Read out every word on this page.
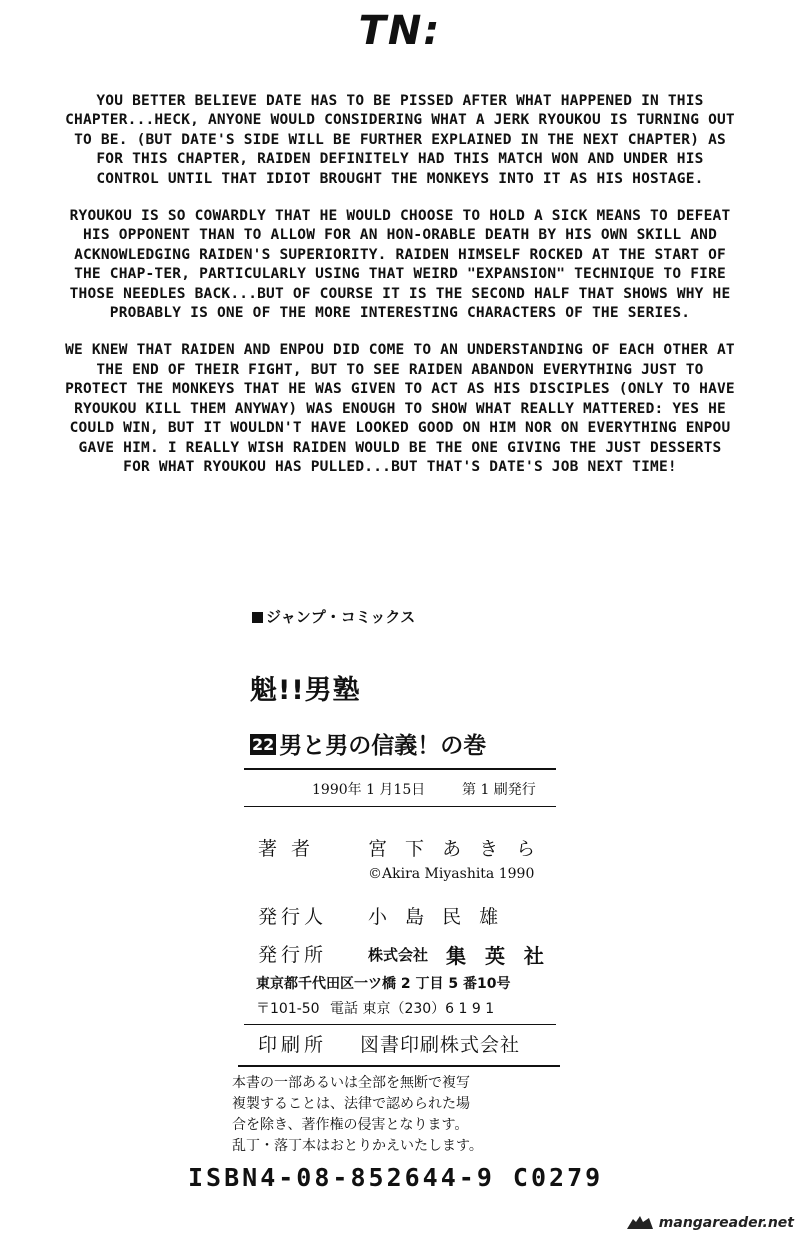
TN:

YOU BETTER BELIEVE DATE HAS TO BE PISSED AFTER WHAT HAPPENED IN THIS CHAPTER...HECK, ANYONE WOULD CONSIDERING WHAT A JERK RYOUKOU IS TURNING OUT TO BE. (BUT DATE'S SIDE WILL BE FURTHER EXPLAINED IN THE NEXT CHAPTER) AS FOR THIS CHAPTER, RAIDEN DEFINITELY HAD THIS MATCH WON AND UNDER HIS CONTROL UNTIL THAT IDIOT BROUGHT THE MONKEYS INTO IT AS HIS HOSTAGE.

RYOUKOU IS SO COWARDLY THAT HE WOULD CHOOSE TO HOLD A SICK MEANS TO DEFEAT HIS OPPONENT THAN TO ALLOW FOR AN HON-ORABLE DEATH BY HIS OWN SKILL AND ACKNOWLEDGING RAIDEN'S SUPERIORITY. RAIDEN HIMSELF ROCKED AT THE START OF THE CHAP-TER, PARTICULARLY USING THAT WEIRD "EXPANSION" TECHNIQUE TO FIRE THOSE NEEDLES BACK...BUT OF COURSE IT IS THE SECOND HALF THAT SHOWS WHY HE PROBABLY IS ONE OF THE MORE INTERESTING CHARACTERS OF THE SERIES.

WE KNEW THAT RAIDEN AND ENPOU DID COME TO AN UNDERSTANDING OF EACH OTHER AT THE END OF THEIR FIGHT, BUT TO SEE RAIDEN ABANDON EVERYTHING JUST TO PROTECT THE MONKEYS THAT HE WAS GIVEN TO ACT AS HIS DISCIPLES (ONLY TO HAVE RYOUKOU KILL THEM ANYWAY) WAS ENOUGH TO SHOW WHAT REALLY MATTERED: YES HE COULD WIN, BUT IT WOULDN'T HAVE LOOKED GOOD ON HIM NOR ON EVERYTHING ENPOU GAVE HIM. I REALLY WISH RAIDEN WOULD BE THE ONE GIVING THE JUST DESSERTS FOR WHAT RYOUKOU HAS PULLED...BUT THAT'S DATE'S JOB NEXT TIME!

ジャンプ・コミックス
魁!!男塾
22 男と男の信義！の巻
1990年 1 月15日	第 1 刷発行
著 者	宮 下 あ き ら
©Akira Miyashita 1990
発行人 小 島 民 雄
発行所	株式会社 集 英 社
東京都千代田区一ツ橋 2 丁目 5 番10号
〒101-50 電話 東京（230）6 1 9 1
印刷所 図書印刷株式会社
本書の一部あるいは全部を無断で複写
複製することは、法律で認められた場
合を除き、著作権の侵害となります。
乱丁・落丁本はおとりかえいたします。
ISBN4-08-852644-9 C0279
mangareader.net
